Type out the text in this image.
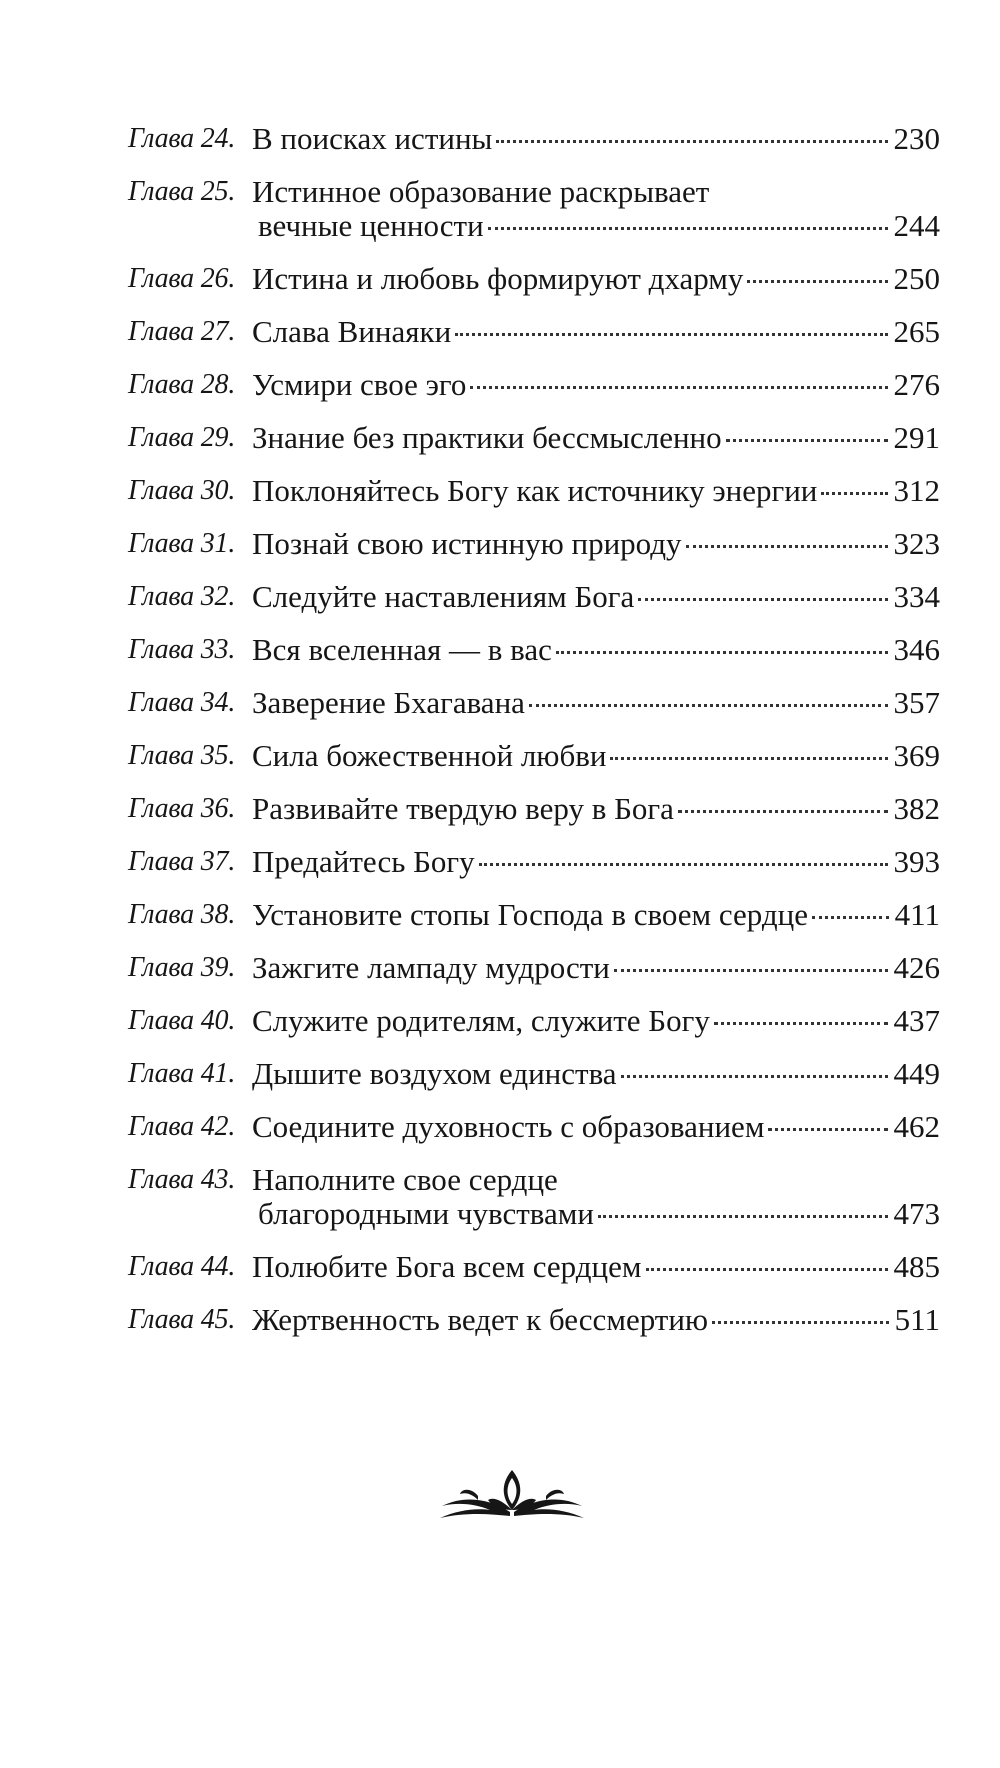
Глава 24. В поисках истины	230
Глава 25. Истинное образование раскрывает
вечные ценности	244
Глава 26. Истина и любовь формируют дхарму	250
Глава 27. Слава Винаяки	265
Глава 28. Усмири свое эго	276
Глава 29. Знание без практики бессмысленно	291
Глава 30. Поклоняйтесь Богу как источнику энергии 312
Глава 31. Познай свою истинную природу	323
Глава 32. Следуйте наставлениям Бога	334
Глава 33. Вся вселенная — в вас	346
Глава 34. Заверение Бхагавана	357
Глава 35. Сила божественной любви	369
Глава 36. Развивайте твердую веру в Бога	382
Глава 37. Предайтесь Богу	393
Глава 38. Установите стопы Господа в своем сердце	411
Глава 39. Зажгите лампаду мудрости	426
Глава 40. Служите родителям, служите Богу	437
Глава 41. Дышите воздухом единства	449
Глава 42. Соедините духовность с образованием	462
Глава 43. Наполните свое сердце
благородными чувствами	473
Глава 44. Полюбите Бога всем сердцем	485
Глава 45. Жертвенность ведет к бессмертию	511
